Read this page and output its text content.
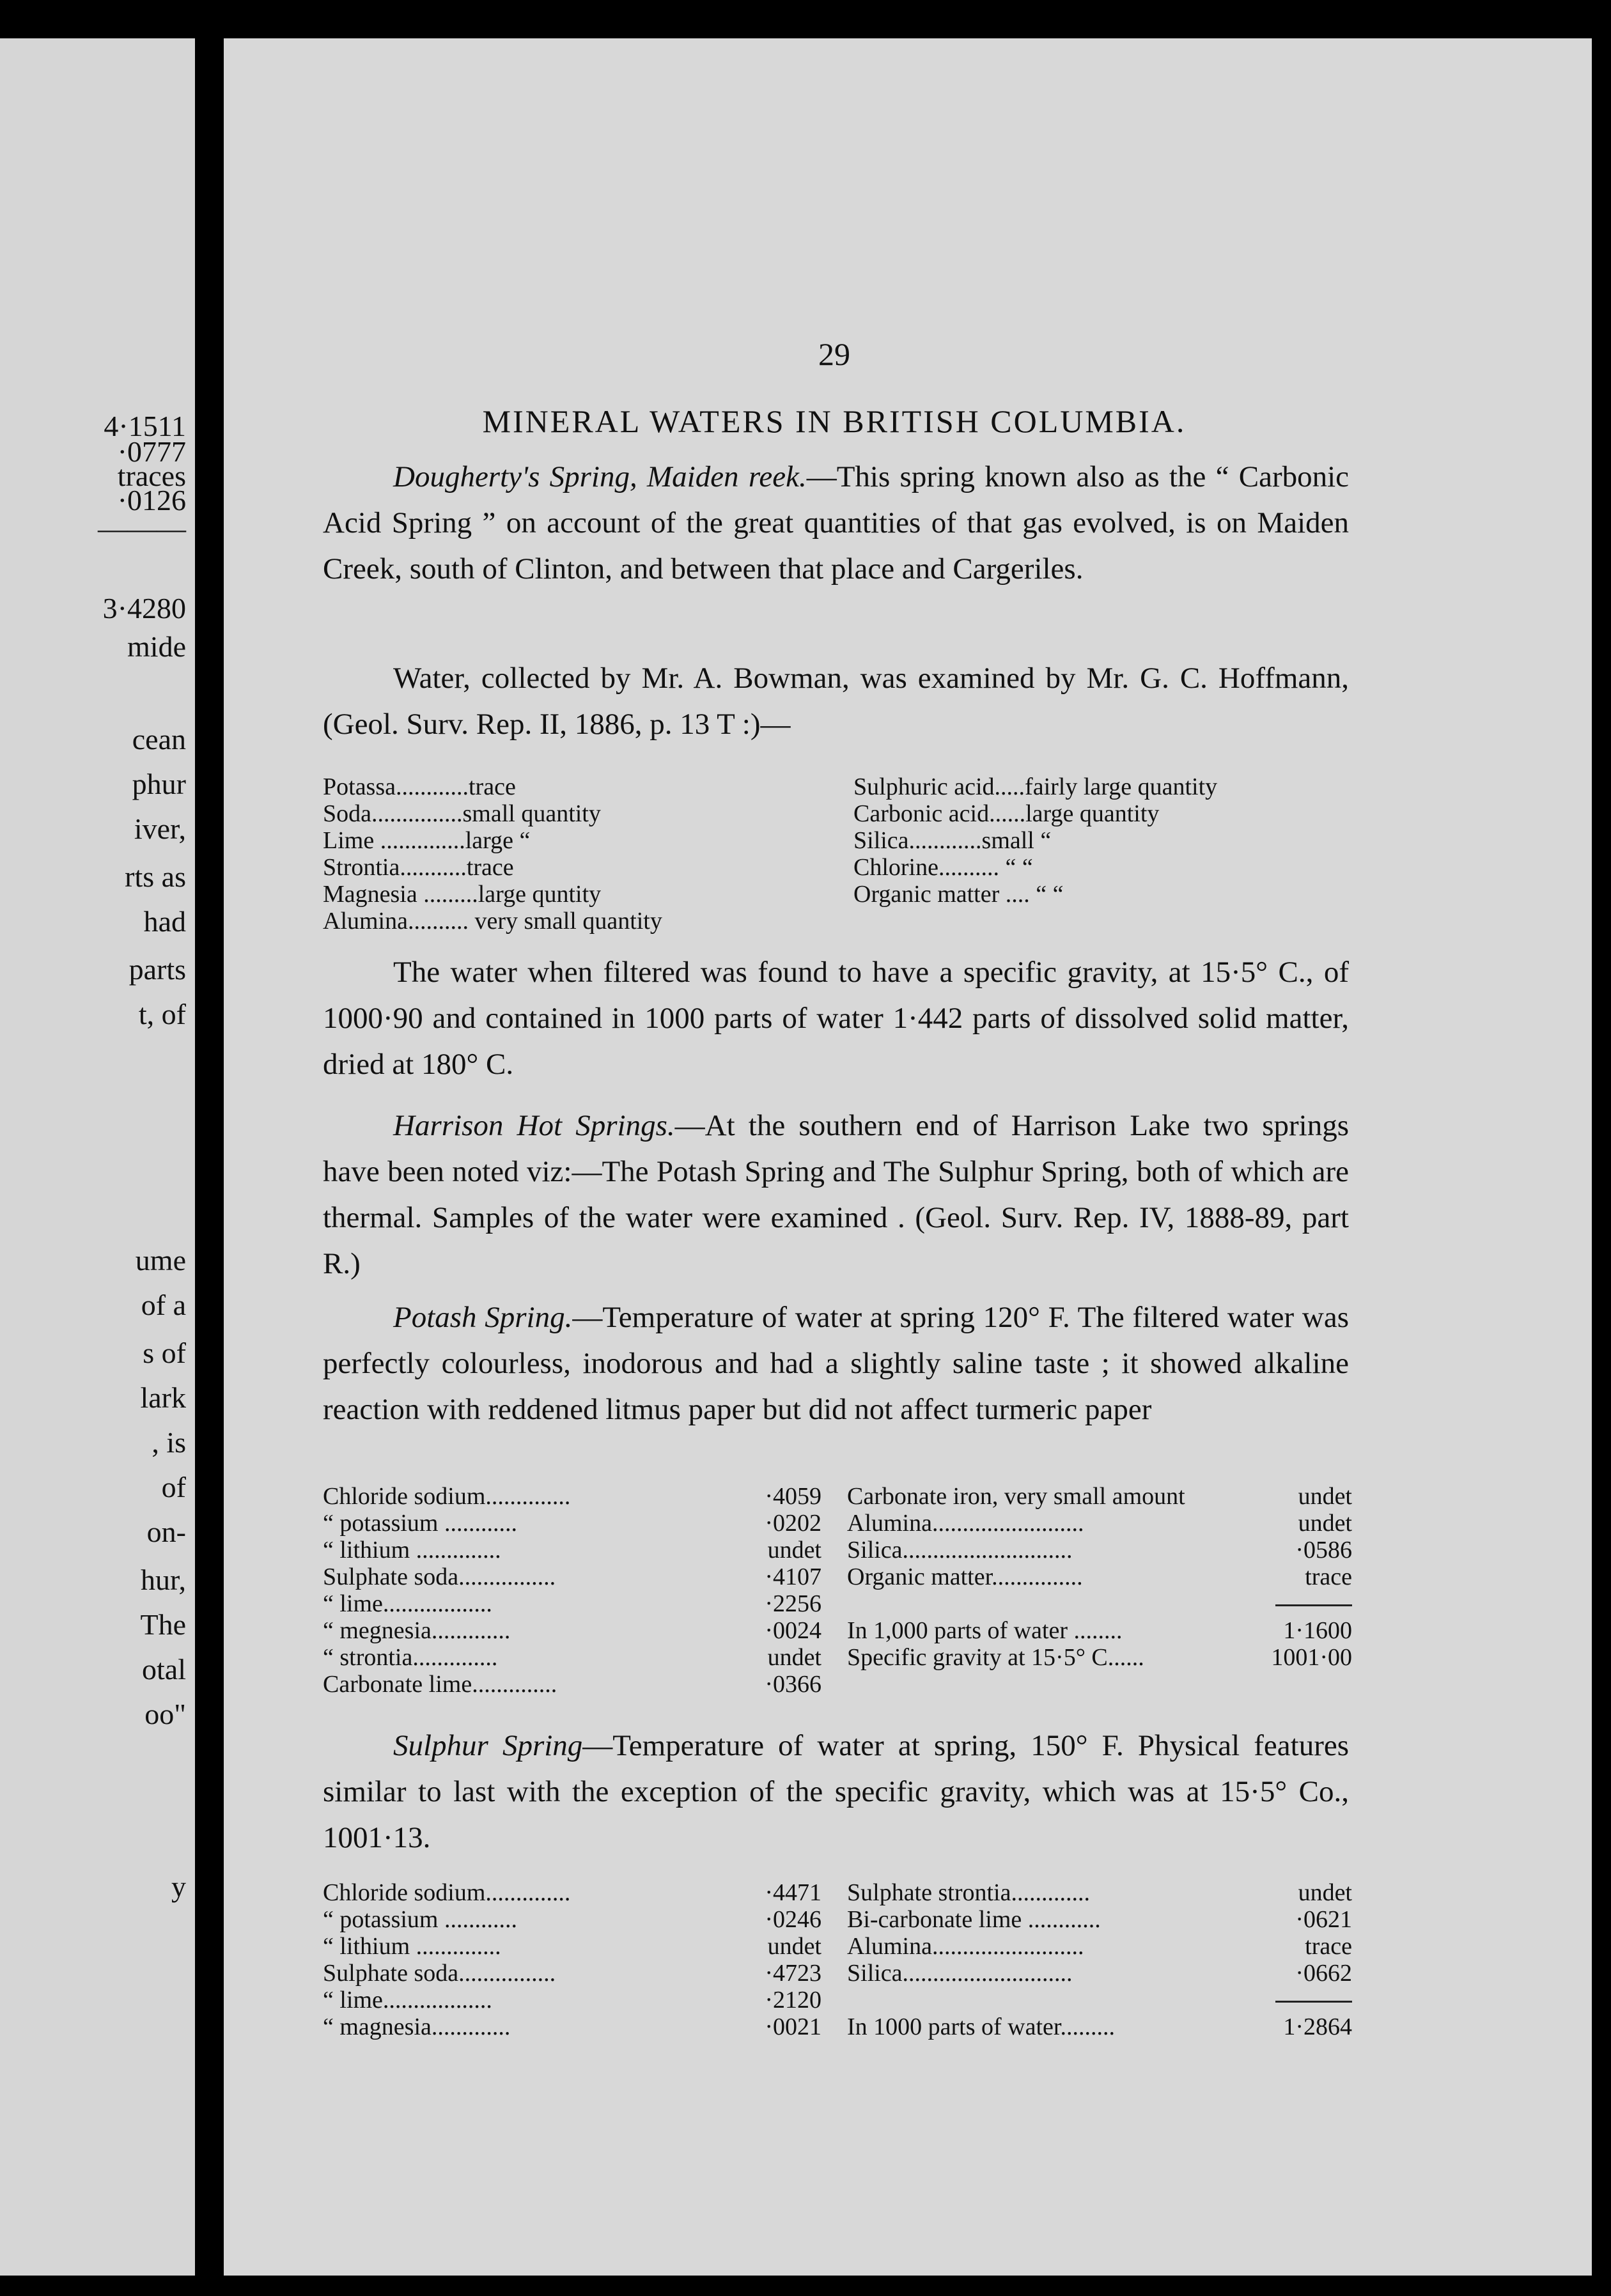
4·1511
·0777
traces
·0126
———
3·4280
mide
cean
phur
iver,
rts as
had
parts
t, of
ume
of a
s of
lark
, is
of
on-
hur,
The
otal
oo"
y
29
MINERAL WATERS IN BRITISH COLUMBIA.
Dougherty's Spring, Maiden reek.—This spring known also as the “ Carbonic Acid Spring ” on account of the great quantities of that gas evolved, is on Maiden Creek, south of Clinton, and between that place and Cargeriles.
Water, collected by Mr. A. Bowman, was examined by Mr. G. C. Hoffmann, (Geol. Surv. Rep. II, 1886, p. 13 T :)—
Potassa............trace
Soda...............small quantity
Lime ..............large “
Strontia...........trace
Magnesia .........large quntity
Alumina.......... very small quantity
Sulphuric acid.....fairly large quantity
Carbonic acid......large quantity
Silica............small “
Chlorine.......... “ “
Organic matter .... “ “
The water when filtered was found to have a specific gravity, at 15·5° C., of 1000·90 and contained in 1000 parts of water 1·442 parts of dissolved solid matter, dried at 180° C.
Harrison Hot Springs.—At the southern end of Harrison Lake two springs have been noted viz:—The Potash Spring and The Sulphur Spring, both of which are thermal. Samples of the water were examined . (Geol. Surv. Rep. IV, 1888-89, part R.)
Potash Spring.—Temperature of water at spring 120° F. The filtered water was perfectly colourless, inodorous and had a slightly saline taste ; it showed alkaline reaction with reddened litmus paper but did not affect turmeric paper
Chloride sodium..............	·4059
“ potassium ............	·0202
“ lithium ..............	undet
Sulphate soda................	·4107
“ lime..................	·2256
“ megnesia.............	·0024
“ strontia..............	undet
Carbonate lime..............	·0366
Carbonate iron, very small amount	undet
Alumina.........................	undet
Silica............................	·0586
Organic matter...............	trace
In 1,000 parts of water ........	1·1600
Specific gravity at 15·5° C......	1001·00
Sulphur Spring—Temperature of water at spring, 150° F. Physical features similar to last with the exception of the specific gravity, which was at 15·5° Co., 1001·13.
Chloride sodium..............	·4471
“ potassium ............	·0246
“ lithium ..............	undet
Sulphate soda................	·4723
“ lime..................	·2120
“ magnesia.............	·0021
Sulphate strontia.............	undet
Bi-carbonate lime ............	·0621
Alumina.........................	trace
Silica............................	·0662
In 1000 parts of water.........	1·2864
